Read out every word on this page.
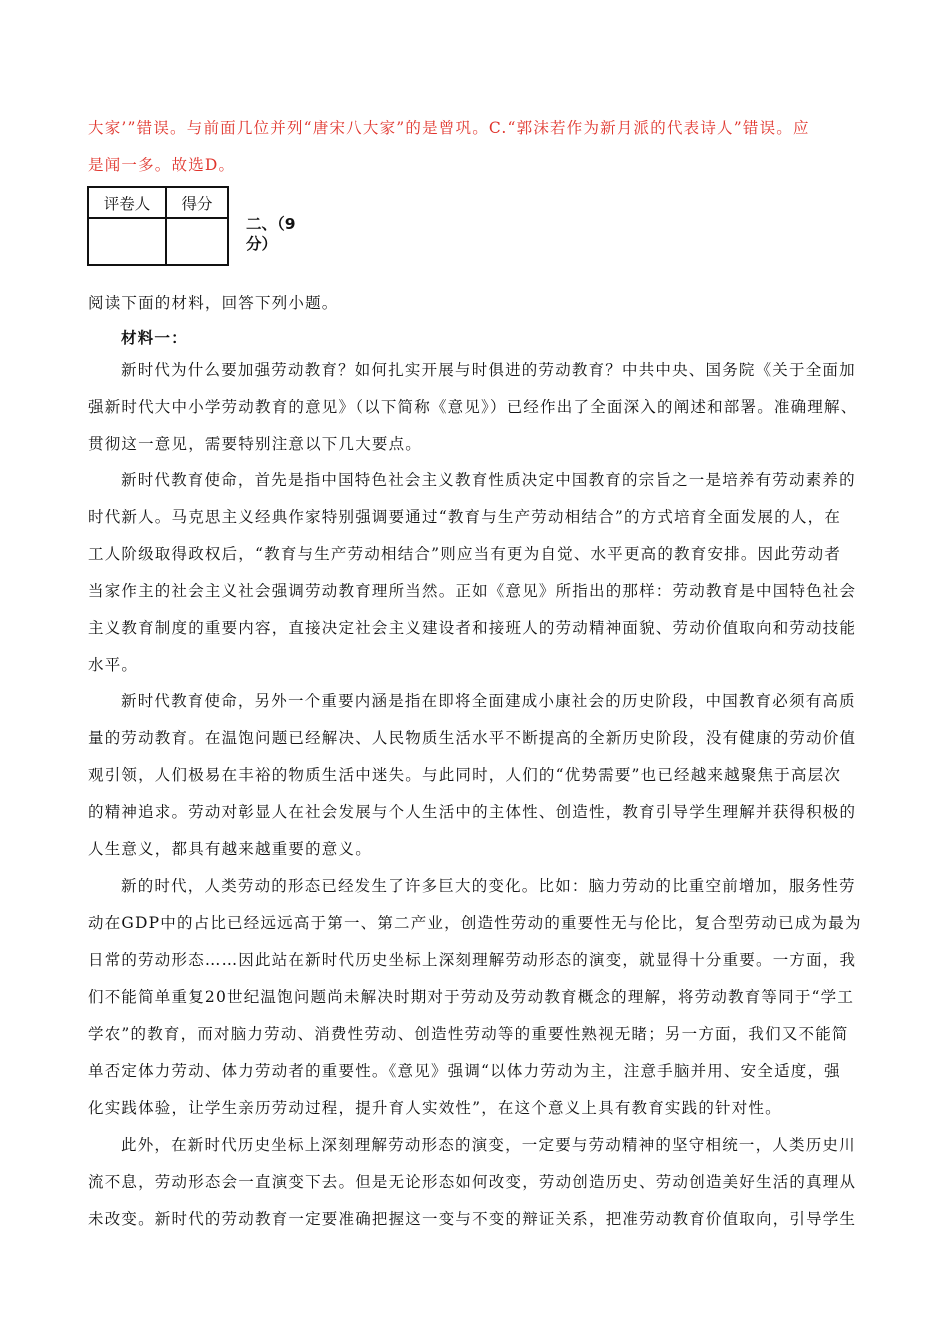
大家’”错误。与前面几位并列“唐宋八大家”的是曾巩。C.“郭沫若作为新月派的代表诗人”错误。应
是闻一多。故选D。
评卷人	得分

二、（9
分）
阅读下面的材料，回答下列小题。
材料一：
新时代为什么要加强劳动教育？如何扎实开展与时俱进的劳动教育？中共中央、国务院《关于全面加
强新时代大中小学劳动教育的意见》（以下简称《意见》）已经作出了全面深入的阐述和部署。准确理解、
贯彻这一意见，需要特别注意以下几大要点。
新时代教育使命，首先是指中国特色社会主义教育性质决定中国教育的宗旨之一是培养有劳动素养的
时代新人。马克思主义经典作家特别强调要通过“教育与生产劳动相结合”的方式培育全面发展的人，在
工人阶级取得政权后，“教育与生产劳动相结合”则应当有更为自觉、水平更高的教育安排。因此劳动者
当家作主的社会主义社会强调劳动教育理所当然。正如《意见》所指出的那样：劳动教育是中国特色社会
主义教育制度的重要内容，直接决定社会主义建设者和接班人的劳动精神面貌、劳动价值取向和劳动技能
水平。
新时代教育使命，另外一个重要内涵是指在即将全面建成小康社会的历史阶段，中国教育必须有高质
量的劳动教育。在温饱问题已经解决、人民物质生活水平不断提高的全新历史阶段，没有健康的劳动价值
观引领，人们极易在丰裕的物质生活中迷失。与此同时，人们的“优势需要”也已经越来越聚焦于高层次
的精神追求。劳动对彰显人在社会发展与个人生活中的主体性、创造性，教育引导学生理解并获得积极的
人生意义，都具有越来越重要的意义。
新的时代，人类劳动的形态已经发生了许多巨大的变化。比如：脑力劳动的比重空前增加，服务性劳
动在GDP中的占比已经远远高于第一、第二产业，创造性劳动的重要性无与伦比，复合型劳动已成为最为
日常的劳动形态……因此站在新时代历史坐标上深刻理解劳动形态的演变，就显得十分重要。一方面，我
们不能简单重复20世纪温饱问题尚未解决时期对于劳动及劳动教育概念的理解，将劳动教育等同于“学工
学农”的教育，而对脑力劳动、消费性劳动、创造性劳动等的重要性熟视无睹；另一方面，我们又不能简
单否定体力劳动、体力劳动者的重要性。《意见》强调“以体力劳动为主，注意手脑并用、安全适度，强
化实践体验，让学生亲历劳动过程，提升育人实效性”，在这个意义上具有教育实践的针对性。
此外，在新时代历史坐标上深刻理解劳动形态的演变，一定要与劳动精神的坚守相统一，人类历史川
流不息，劳动形态会一直演变下去。但是无论形态如何改变，劳动创造历史、劳动创造美好生活的真理从
未改变。新时代的劳动教育一定要准确把握这一变与不变的辩证关系，把准劳动教育价值取向，引导学生
